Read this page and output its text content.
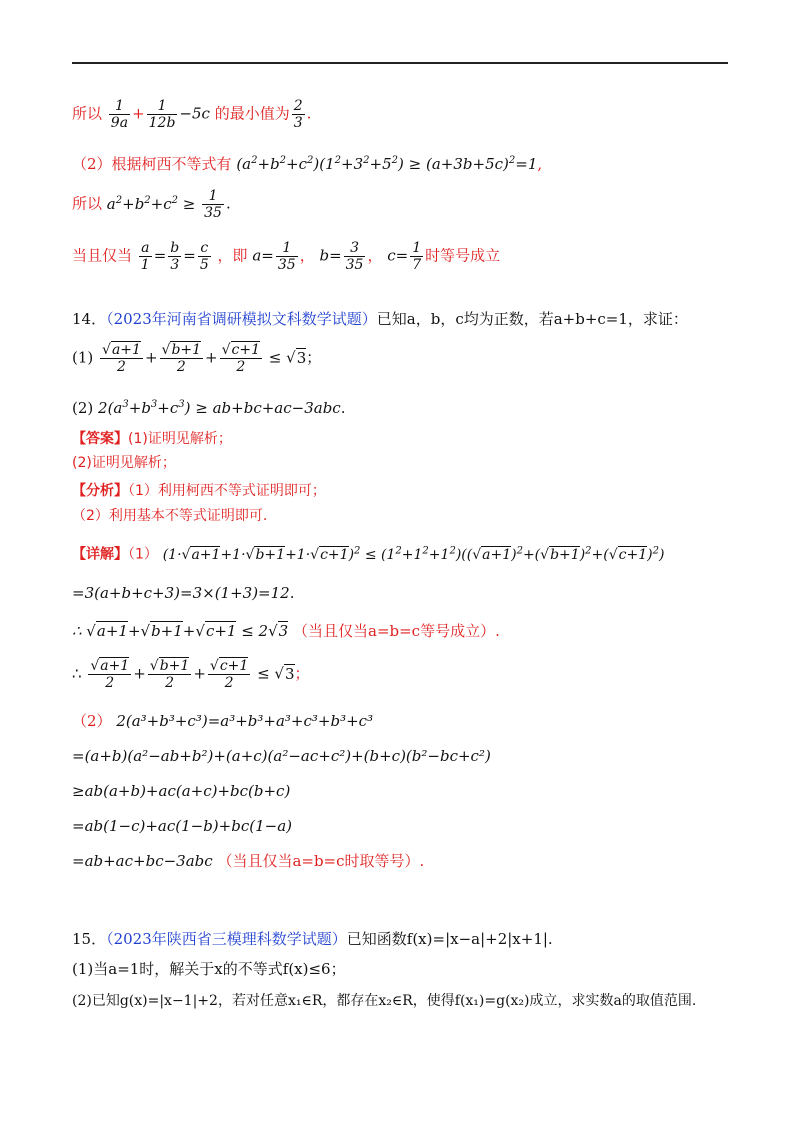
所以 $\frac{1}{9a} + \frac{1}{12b} -5c$ 的最小值为 $\frac{2}{3}$ .
（2）根据柯西不等式有 $(a^2+b^2+c^2)(1^2+3^2+5^2) \ge (a+3b+5c)^2=1$,
所以 $a^2+b^2+c^2 \ge \frac{1}{35}$ .
当且仅当 $\frac{a}{1} = \frac{b}{3} = \frac{c}{5}$ ，即 $a= \frac{1}{35}$ ， $b= \frac{3}{35}$ ， $c= \frac{1}{7}$ 时等号成立
14．（2023年河南省调研模拟文科数学试题）已知a，b，c均为正数，若a+b+c=1，求证：
$(1) \frac{√a+1}{2} + \frac{√b+1}{2} + \frac{√c+1}{2} \le √3$；
(2) $2(a^3+b^3+c^3) \ge ab+bc+ac-3abc$.
【答案】(1)证明见解析；
(2)证明见解析；
【分析】（1）利用柯西不等式证明即可；
（2）利用基本不等式证明即可.
【详解】（1） $(1\cdot√a+1+1\cdot√b+1+1\cdot√c+1)^2 \le (1^2+1^2+1^2)((√a+1)^2+(√b+1)^2+(√c+1)^2)$
=3(a+b+c+3)=3×(1+3)=12.
∴ √a+1+√b+1+√c+1 ≤ 2√3 （当且仅当a=b=c等号成立）.
∴ $\frac{√a+1}{2} + \frac{√b+1}{2} + \frac{√c+1}{2} \le √3$；
（2） 2(a³+b³+c³)=a³+b³+a³+c³+b³+c³
=(a+b)(a²−ab+b²)+(a+c)(a²−ac+c²)+(b+c)(b²−bc+c²)
≥ab(a+b)+ac(a+c)+bc(b+c)
=ab(1−c)+ac(1−b)+bc(1−a)
=ab+ac+bc−3abc （当且仅当a=b=c时取等号）.
15．（2023年陕西省三模理科数学试题）已知函数f(x)=|x−a|+2|x+1|.
(1)当a=1时，解关于x的不等式f(x)≤6；
(2)已知g(x)=|x−1|+2，若对任意x₁∈R，都存在x₂∈R，使得f(x₁)=g(x₂)成立，求实数a的取值范围.
